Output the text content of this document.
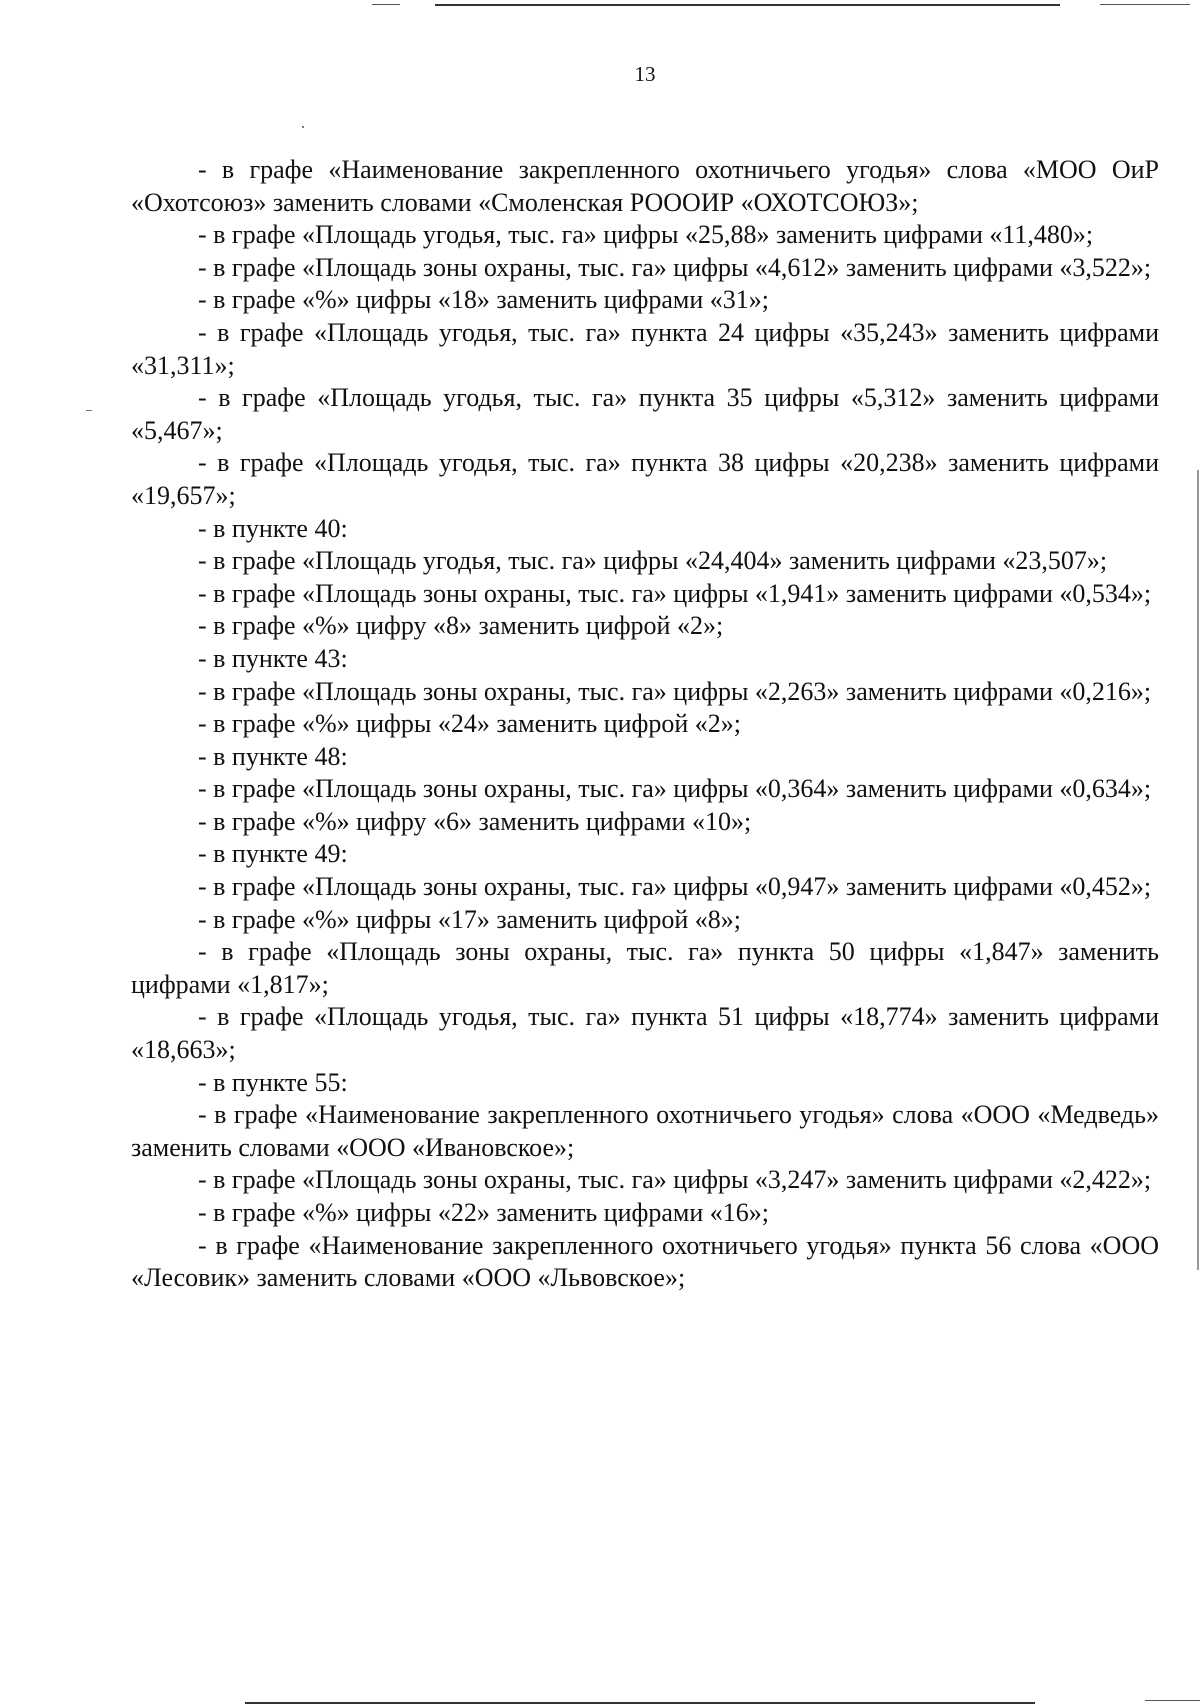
13

- в графе «Наименование закрепленного охотничьего угодья» слова «МОО ОиР «Охотсоюз» заменить словами «Смоленская РОООИР «ОХОТСОЮЗ»;

- в графе «Площадь угодья, тыс. га» цифры «25,88» заменить цифрами «11,480»;

- в графе «Площадь зоны охраны, тыс. га» цифры «4,612» заменить цифрами «3,522»;

- в графе «%» цифры «18» заменить цифрами «31»;

- в графе «Площадь угодья, тыс. га» пункта 24 цифры «35,243» заменить цифрами «31,311»;

- в графе «Площадь угодья, тыс. га» пункта 35 цифры «5,312» заменить цифрами «5,467»;

- в графе «Площадь угодья, тыс. га» пункта 38 цифры «20,238» заменить цифрами «19,657»;

- в пункте 40:

- в графе «Площадь угодья, тыс. га» цифры «24,404» заменить цифрами «23,507»;

- в графе «Площадь зоны охраны, тыс. га» цифры «1,941» заменить цифрами «0,534»;

- в графе «%» цифру «8» заменить цифрой «2»;

- в пункте 43:

- в графе «Площадь зоны охраны, тыс. га» цифры «2,263» заменить цифрами «0,216»;

- в графе «%» цифры «24» заменить цифрой «2»;

- в пункте 48:

- в графе «Площадь зоны охраны, тыс. га» цифры «0,364» заменить цифрами «0,634»;

- в графе «%» цифру «6» заменить цифрами «10»;

- в пункте 49:

- в графе «Площадь зоны охраны, тыс. га» цифры «0,947» заменить цифрами «0,452»;

- в графе «%» цифры «17» заменить цифрой «8»;

- в графе «Площадь зоны охраны, тыс. га» пункта 50 цифры «1,847» заменить цифрами «1,817»;

- в графе «Площадь угодья, тыс. га» пункта 51 цифры «18,774» заменить цифрами «18,663»;

- в пункте 55:

- в графе «Наименование закрепленного охотничьего угодья» слова «ООО «Медведь» заменить словами «ООО «Ивановское»;

- в графе «Площадь зоны охраны, тыс. га» цифры «3,247» заменить цифрами «2,422»;

- в графе «%» цифры «22» заменить цифрами «16»;

- в графе «Наименование закрепленного охотничьего угодья» пункта 56 слова «ООО «Лесовик» заменить словами «ООО «Львовское»;
